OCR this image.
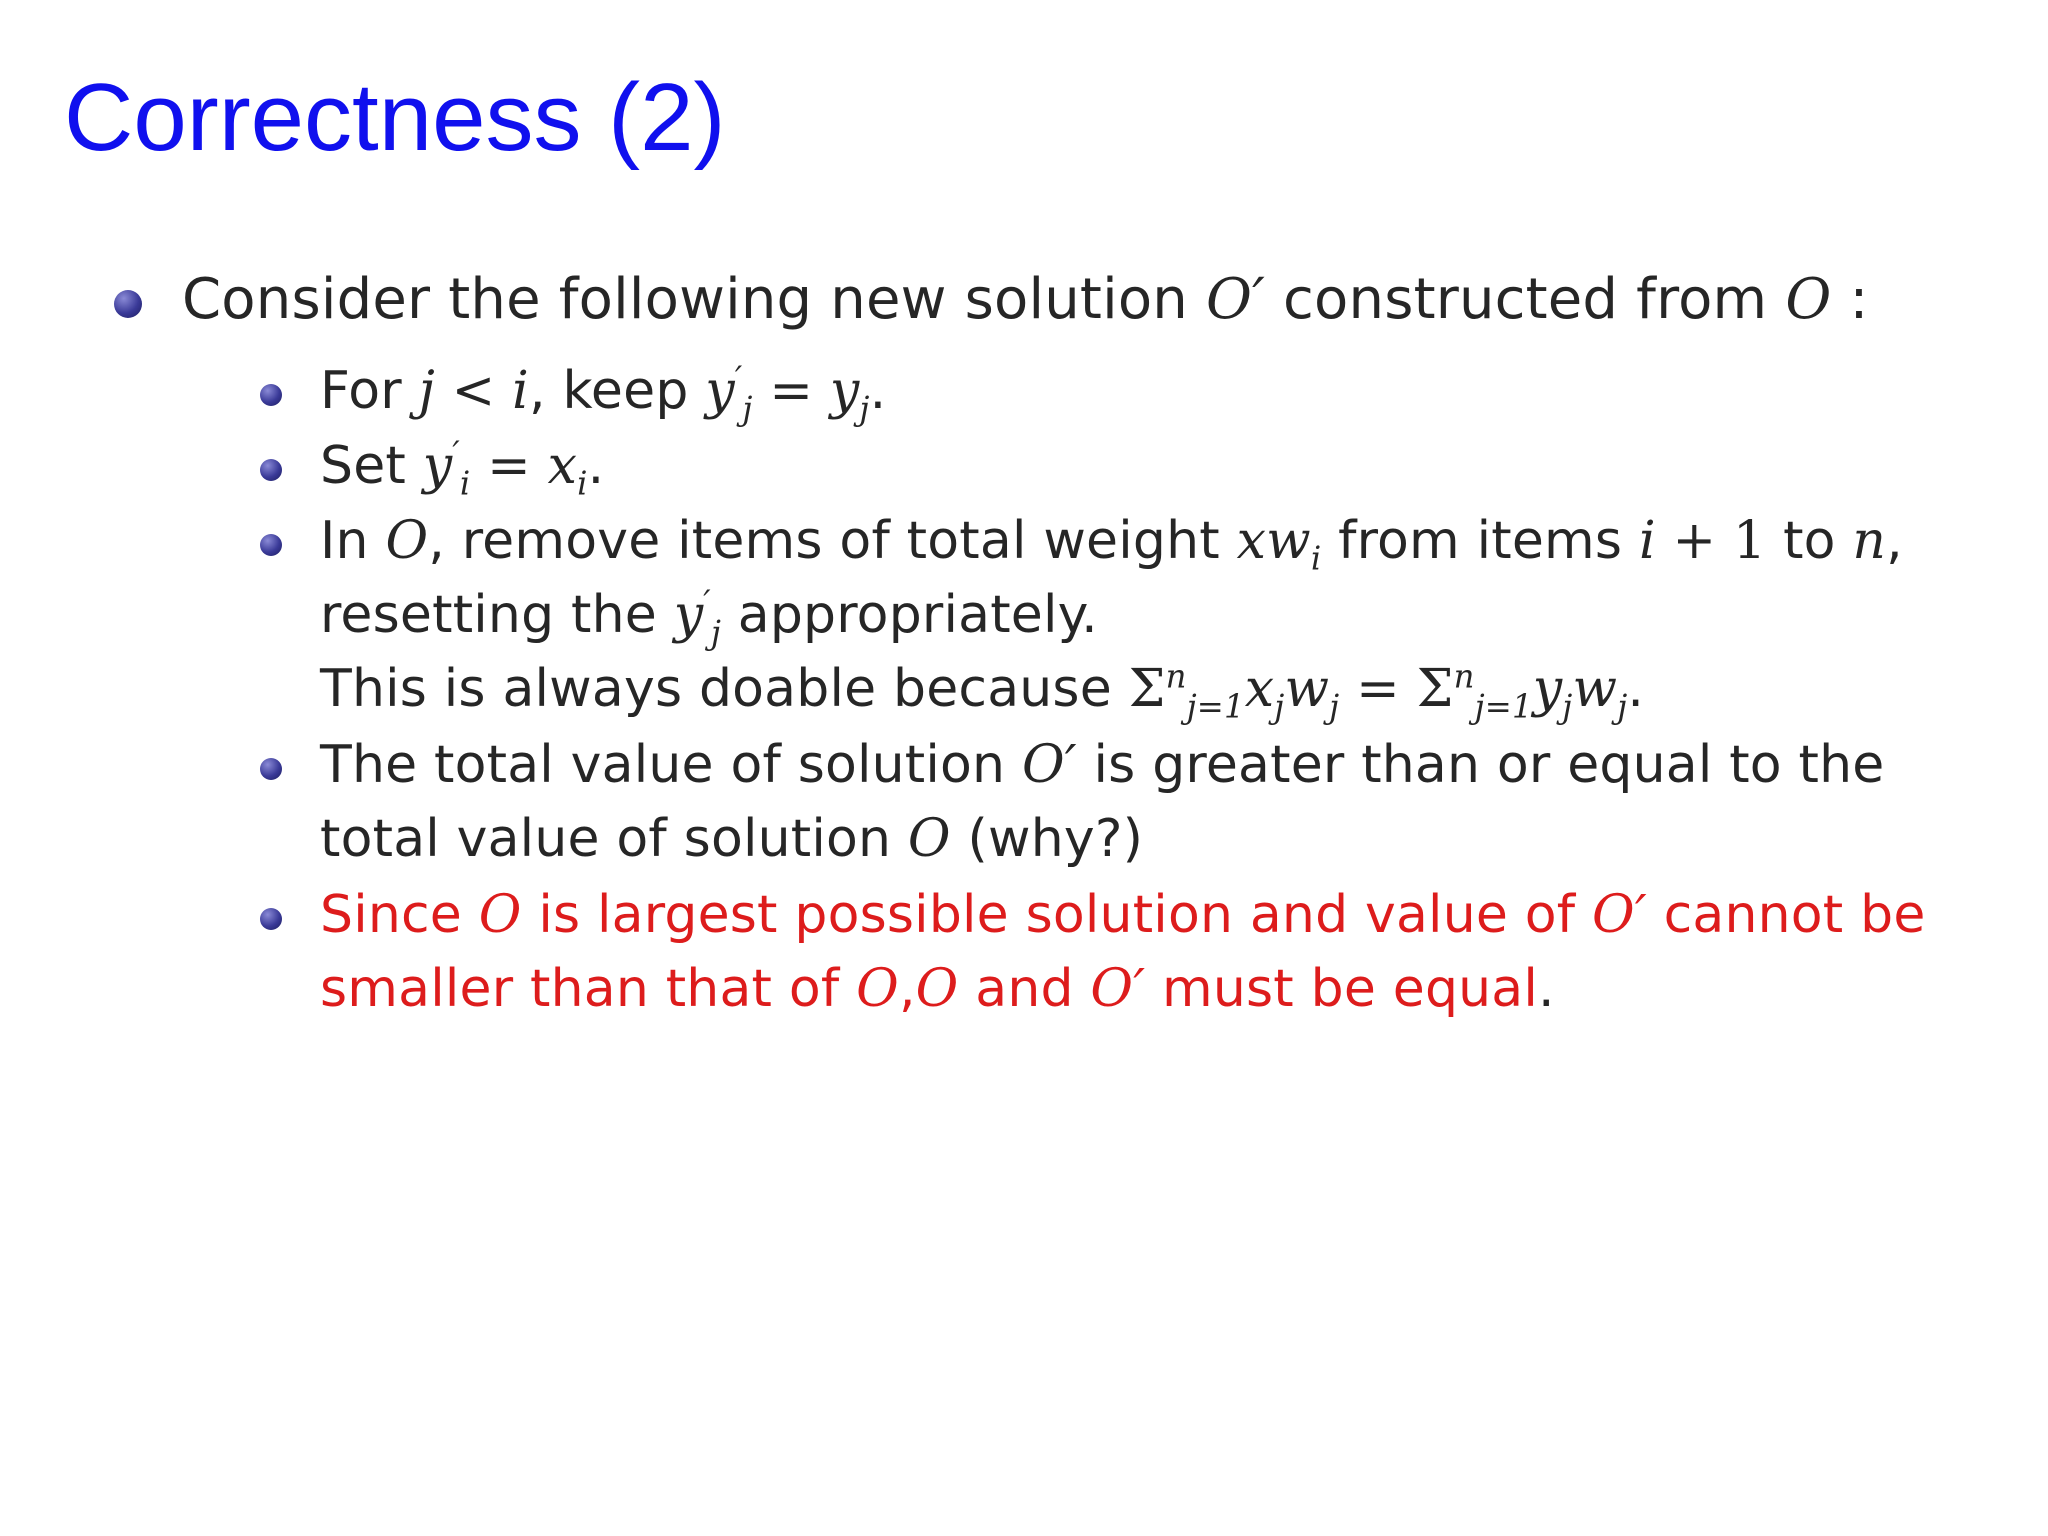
Correctness (2)
Consider the following new solution O′ constructed from O :
For j < i, keep $y'_j = y_j$.
Set $y'_i = x_i$.
In O, remove items of total weight $xw_i$ from items i + 1 to n,
resetting the $y'_j$ appropriately.
This is always doable because $\Sigma^n_{j=1}x_jw_j = \Sigma^n_{j=1}y_jw_j$.
The total value of solution O′ is greater than or equal to the
total value of solution O (why?)
Since O is largest possible solution and value of O′ cannot be
smaller than that of O,O and O′ must be equal.
